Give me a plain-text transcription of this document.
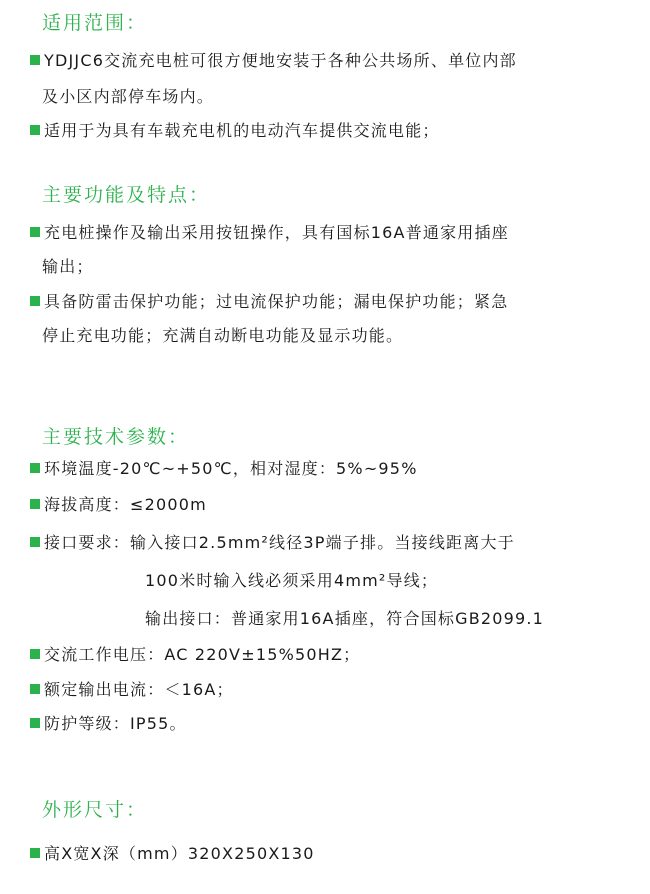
适用范围：
YDJJC6交流充电桩可很方便地安装于各种公共场所、单位内部
及小区内部停车场内。
适用于为具有车载充电机的电动汽车提供交流电能；
主要功能及特点：
充电桩操作及输出采用按钮操作，具有国标16A普通家用插座
输出；
具备防雷击保护功能；过电流保护功能；漏电保护功能；紧急
停止充电功能；充满自动断电功能及显示功能。
主要技术参数：
环境温度-20℃~+50℃，相对湿度：5%~95%
海拔高度：≤2000m
接口要求：输入接口2.5mm²线径3P端子排。当接线距离大于
100米时输入线必须采用4mm²导线；
输出接口：普通家用16A插座，符合国标GB2099.1
交流工作电压：AC 220V±15%50HZ；
额定输出电流：＜16A；
防护等级：IP55。
外形尺寸：
高X宽X深（mm）320X250X130
